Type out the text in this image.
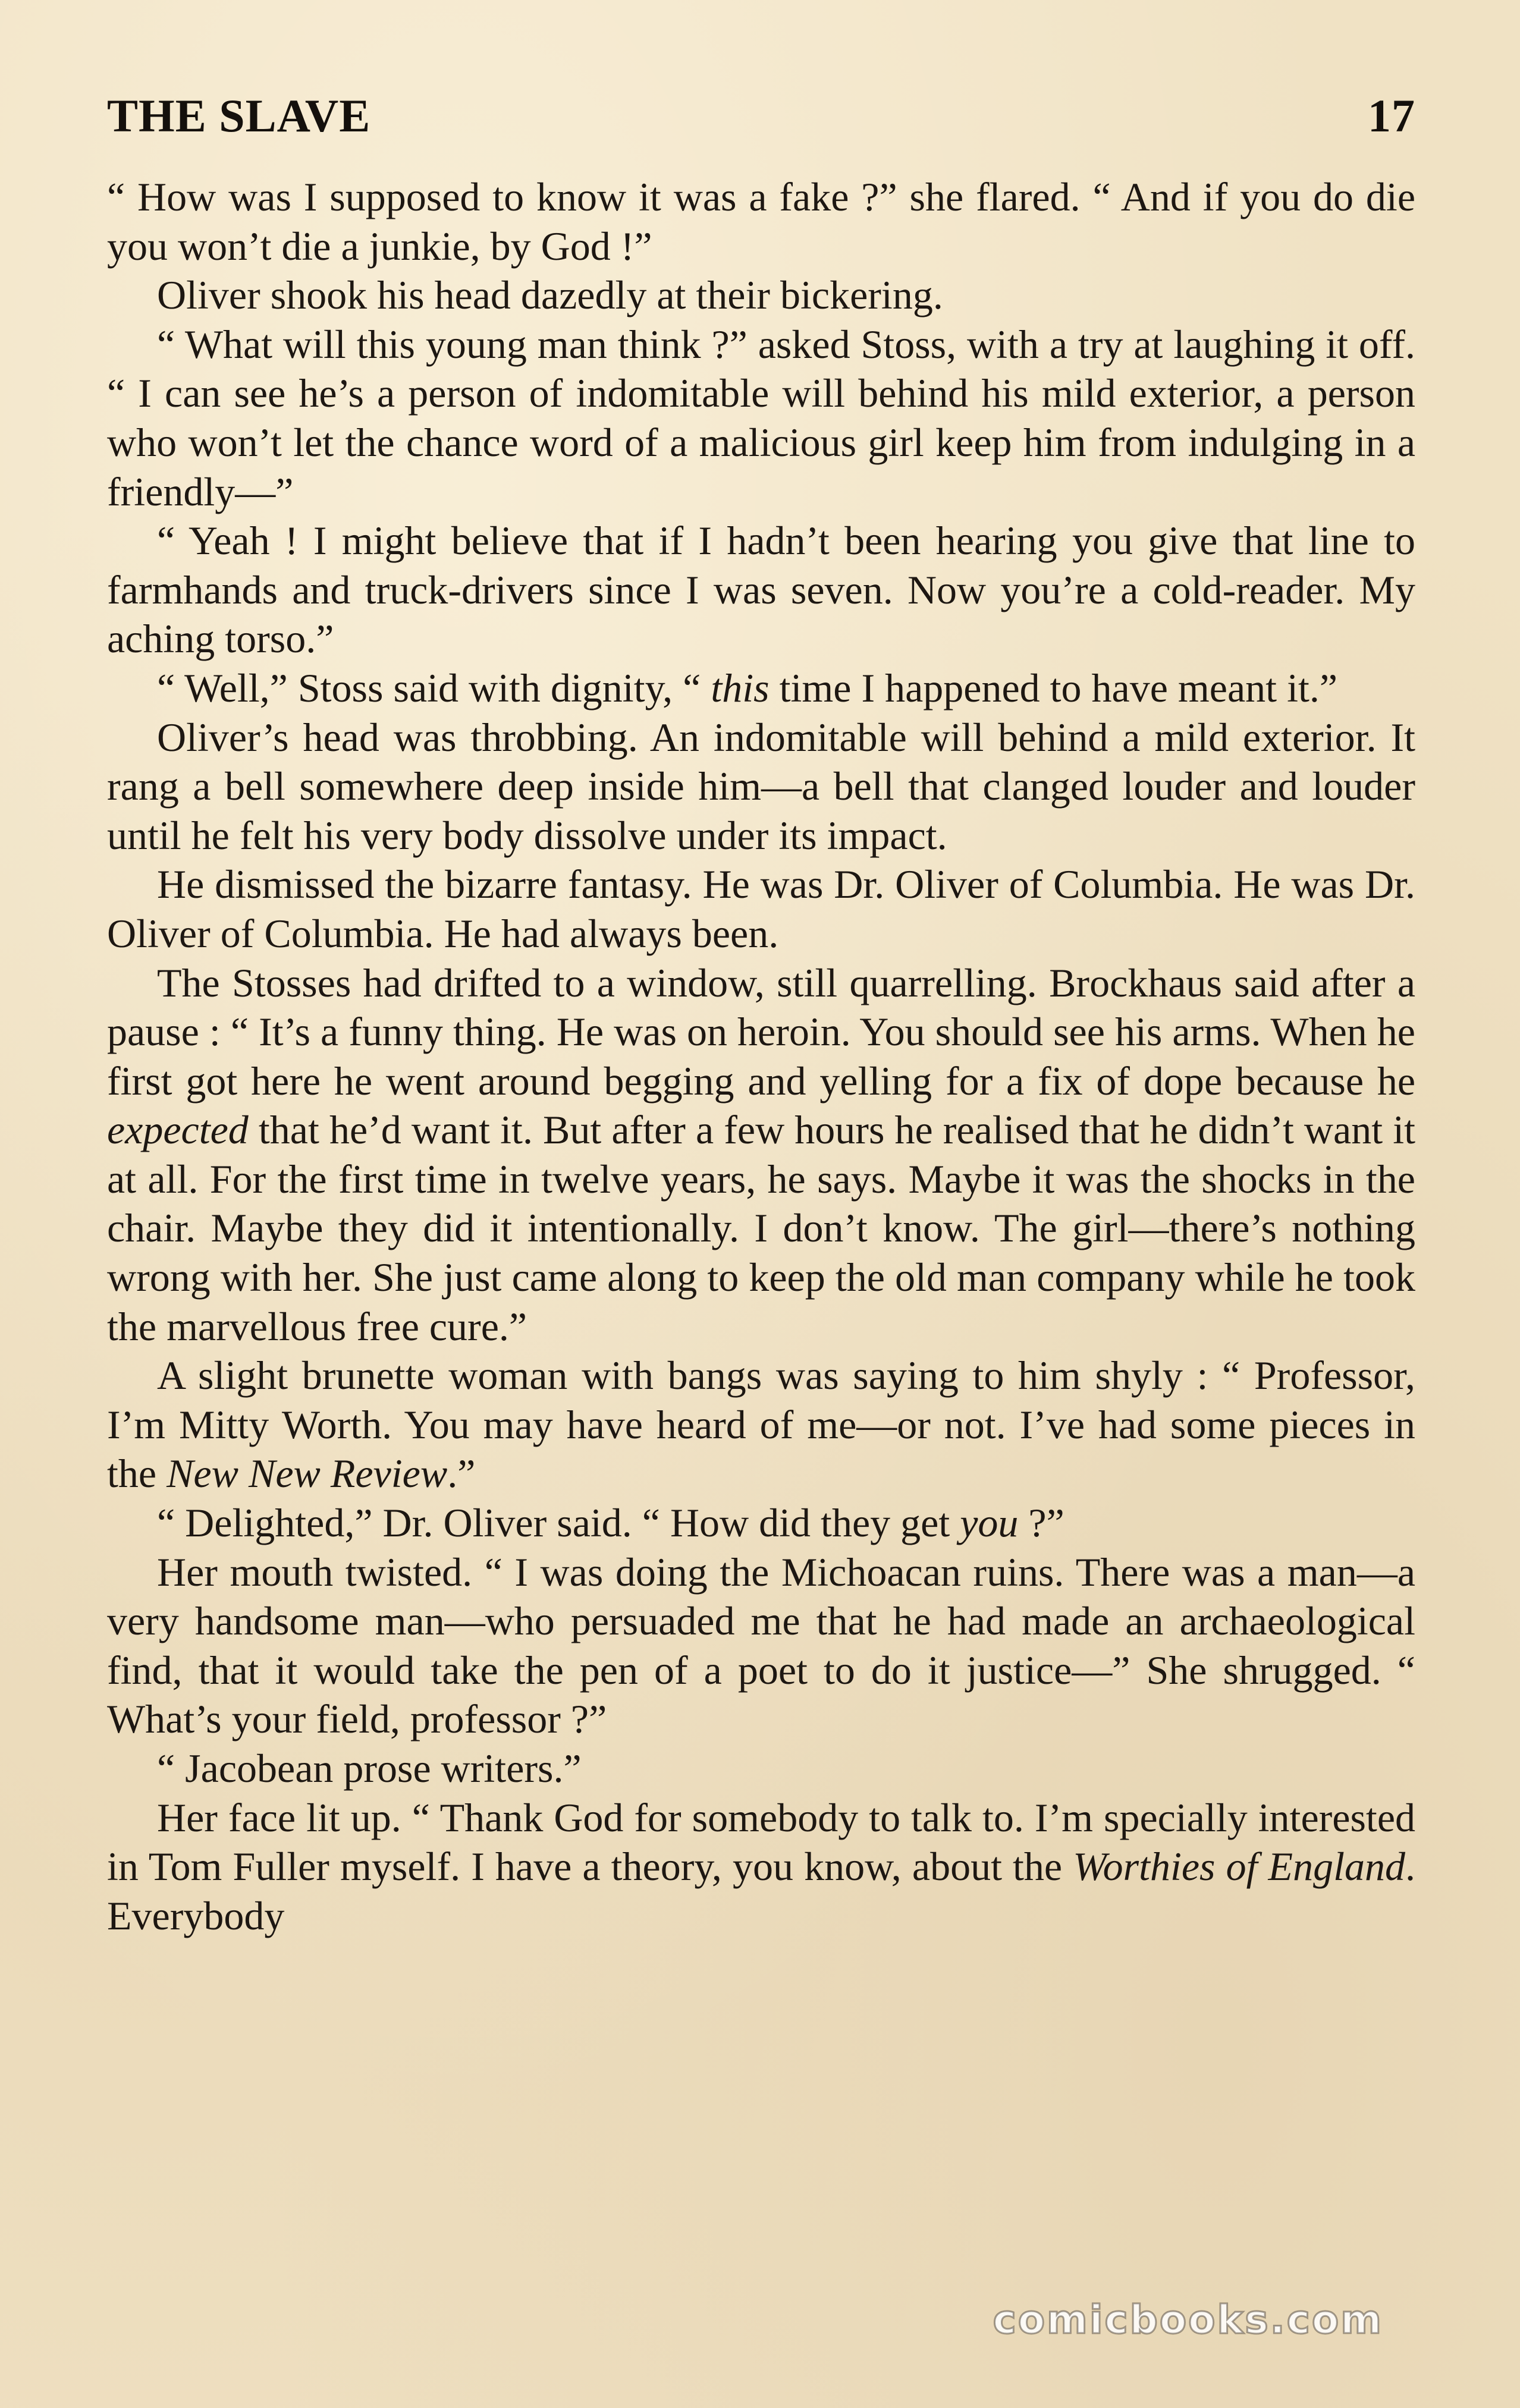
THE SLAVE	17

“ How was I supposed to know it was a fake ?” she flared. “ And if you do die you won’t die a junkie, by God !”

Oliver shook his head dazedly at their bickering.

“ What will this young man think ?” asked Stoss, with a try at laughing it off. “ I can see he’s a person of indomitable will behind his mild exterior, a person who won’t let the chance word of a malicious girl keep him from indulging in a friendly—”

“ Yeah ! I might believe that if I hadn’t been hearing you give that line to farmhands and truck-drivers since I was seven. Now you’re a cold-reader. My aching torso.”

“ Well,” Stoss said with dignity, “ this time I happened to have meant it.”

Oliver’s head was throbbing. An indomitable will behind a mild exterior. It rang a bell somewhere deep inside him—a bell that clanged louder and louder until he felt his very body dissolve under its impact.

He dismissed the bizarre fantasy. He was Dr. Oliver of Columbia. He was Dr. Oliver of Columbia. He had always been.

The Stosses had drifted to a window, still quarrelling. Brockhaus said after a pause : “ It’s a funny thing. He was on heroin. You should see his arms. When he first got here he went around begging and yelling for a fix of dope because he expected that he’d want it. But after a few hours he realised that he didn’t want it at all. For the first time in twelve years, he says. Maybe it was the shocks in the chair. Maybe they did it intentionally. I don’t know. The girl—there’s nothing wrong with her. She just came along to keep the old man company while he took the marvellous free cure.”

A slight brunette woman with bangs was saying to him shyly : “ Professor, I’m Mitty Worth. You may have heard of me—or not. I’ve had some pieces in the New New Review.”

“ Delighted,” Dr. Oliver said. “ How did they get you ?”

Her mouth twisted. “ I was doing the Michoacan ruins. There was a man—a very handsome man—who persuaded me that he had made an archaeological find, that it would take the pen of a poet to do it justice—” She shrugged. “ What’s your field, professor ?”

“ Jacobean prose writers.”

Her face lit up. “ Thank God for somebody to talk to. I’m specially interested in Tom Fuller myself. I have a theory, you know, about the Worthies of England. Everybody

comicbooks.com
